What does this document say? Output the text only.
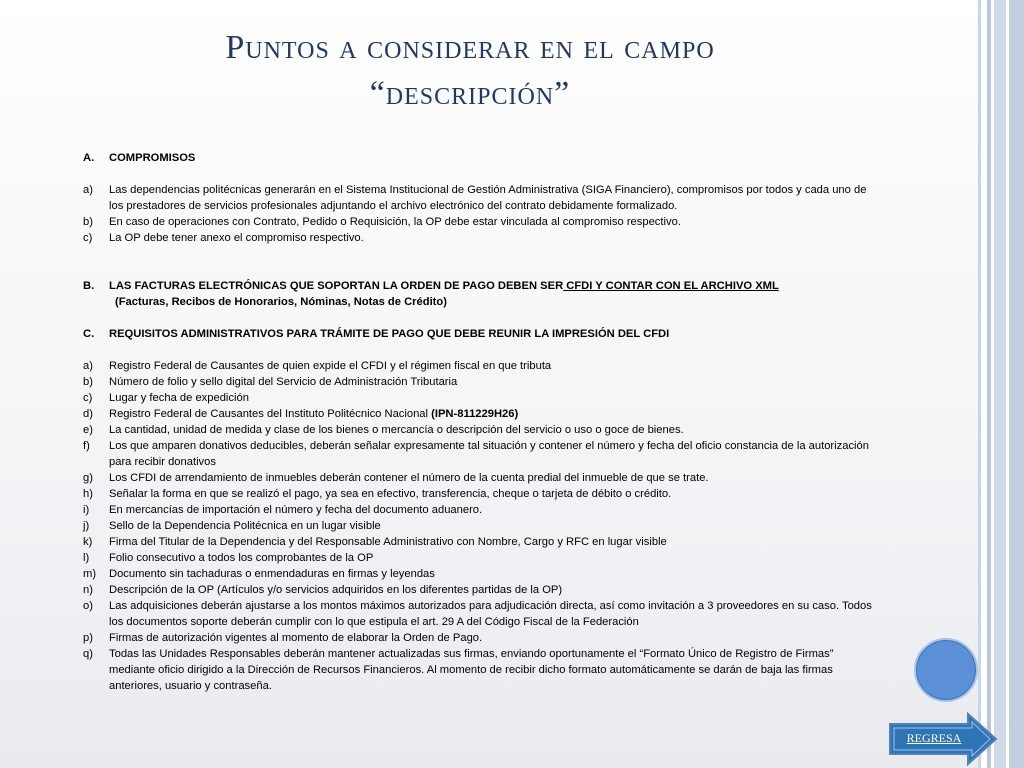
Puntos a considerar en el campo
“descripción”
A. COMPROMISOS
a) Las dependencias politécnicas generarán en el Sistema Institucional de Gestión Administrativa (SIGA Financiero), compromisos por todos y cada uno de los prestadores de servicios profesionales adjuntando el archivo electrónico del contrato debidamente formalizado.
b) En caso de operaciones con Contrato, Pedido o Requisición, la OP debe estar vinculada al compromiso respectivo.
c) La OP debe tener anexo el compromiso respectivo.
B. LAS FACTURAS ELECTRÓNICAS QUE SOPORTAN LA ORDEN DE PAGO DEBEN SER CFDI Y CONTAR CON EL ARCHIVO XML
(Facturas, Recibos de Honorarios, Nóminas, Notas de Crédito)
C. REQUISITOS ADMINISTRATIVOS PARA TRÁMITE DE PAGO QUE DEBE REUNIR LA IMPRESIÓN DEL CFDI
a) Registro Federal de Causantes de quien expide el CFDI y el régimen fiscal en que tributa
b) Número de folio y sello digital del Servicio de Administración Tributaria
c) Lugar y fecha de expedición
d) Registro Federal de Causantes del Instituto Politécnico Nacional (IPN-811229H26)
e) La cantidad, unidad de medida y clase de los bienes o mercancía o descripción del servicio o uso o goce de bienes.
f) Los que amparen donativos deducibles, deberán señalar expresamente tal situación y contener el número y fecha del oficio constancia de la autorización para recibir donativos
g) Los CFDI de arrendamiento de inmuebles deberán contener el número de la cuenta predial del inmueble de que se trate.
h) Señalar la forma en que se realizó el pago, ya sea en efectivo, transferencia, cheque o tarjeta de débito o crédito.
i) En mercancías de importación el número y fecha del documento aduanero.
j) Sello de la Dependencia Politécnica en un lugar visible
k) Firma del Titular de la Dependencia y del Responsable Administrativo con Nombre, Cargo y RFC en lugar visible
l) Folio consecutivo a todos los comprobantes de la OP
m) Documento sin tachaduras o enmendaduras en firmas y leyendas
n) Descripción de la OP (Artículos y/o servicios adquiridos en los diferentes partidas de la OP)
o) Las adquisiciones deberán ajustarse a los montos máximos autorizados para adjudicación directa, así como invitación a 3 proveedores en su caso. Todos los documentos soporte deberán cumplir con lo que estipula el art. 29 A del Código Fiscal de la Federación
p) Firmas de autorización vigentes al momento de elaborar la Orden de Pago.
q) Todas las Unidades Responsables deberán mantener actualizadas sus firmas, enviando oportunamente el “Formato Único de Registro de Firmas” mediante oficio dirigido a la Dirección de Recursos Financieros. Al momento de recibir dicho formato automáticamente se darán de baja las firmas anteriores, usuario y contraseña.
REGRESA
